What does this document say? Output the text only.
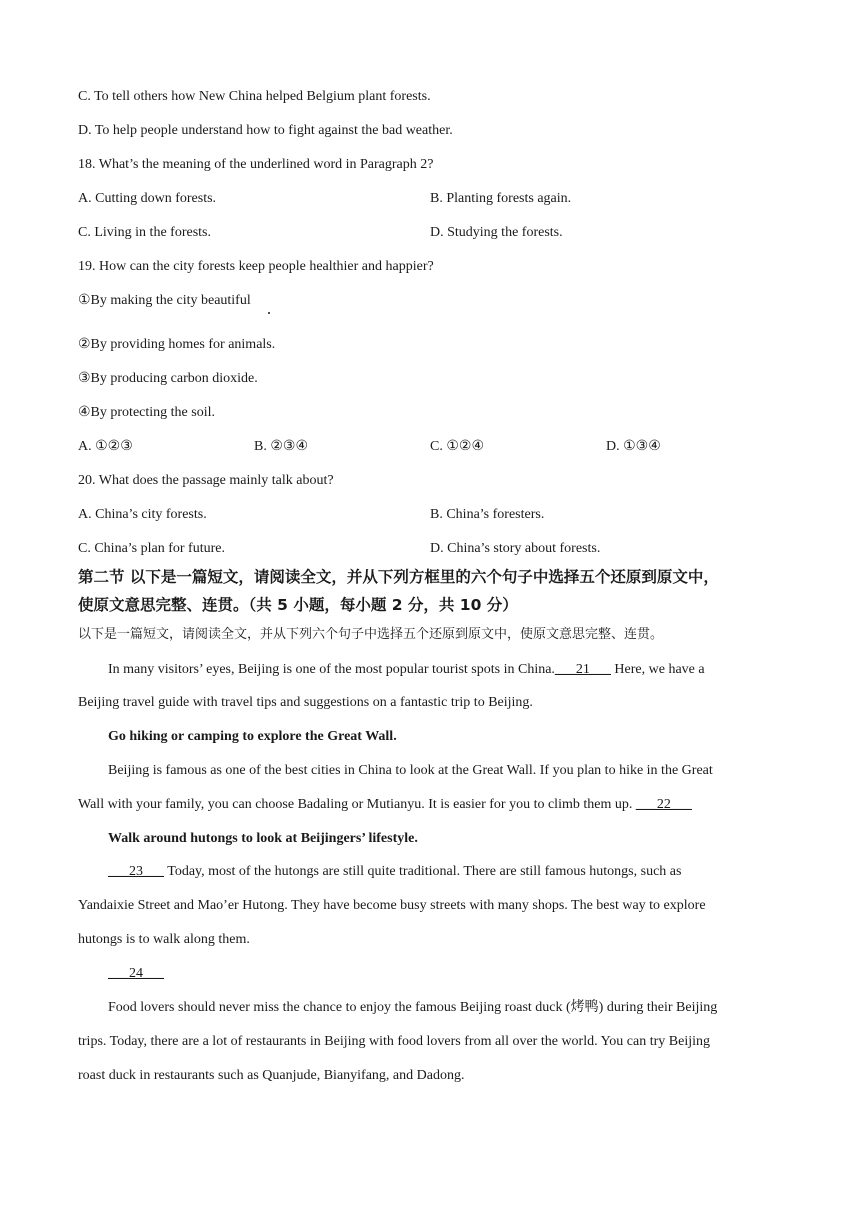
C. To tell others how New China helped Belgium plant forests.
D. To help people understand how to fight against the bad weather.
18. What’s the meaning of the underlined word in Paragraph 2?
A. Cutting down forests.	B. Planting forests again.
C. Living in the forests.	D. Studying the forests.
19. How can the city forests keep people healthier and happier?
①By making the city beautiful
②By providing homes for animals.
③By producing carbon dioxide.
④By protecting the soil.
A. ①②③	B. ②③④	C. ①②④	D. ①③④
20. What does the passage mainly talk about?
A. China’s city forests.	B. China’s foresters.
C. China’s plan for future.	D. China’s story about forests.
第二节 以下是一篇短文，请阅读全文，并从下列方框里的六个句子中选择五个还原到原文中，
使原文意思完整、连贯。（共 5 小题，每小题 2 分，共 10 分）
以下是一篇短文，请阅读全文，并从下列六个句子中选择五个还原到原文中，使原文意思完整、连贯。
In many visitors’ eyes, Beijing is one of the most popular tourist spots in China.___21___ Here, we have a
Beijing travel guide with travel tips and suggestions on a fantastic trip to Beijing.
Go hiking or camping to explore the Great Wall.
Beijing is famous as one of the best cities in China to look at the Great Wall. If you plan to hike in the Great
Wall with your family, you can choose Badaling or Mutianyu. It is easier for you to climb them up. ___22___
Walk around hutongs to look at Beijingers’ lifestyle.
___23___ Today, most of the hutongs are still quite traditional. There are still famous hutongs, such as
Yandaixie Street and Mao’er Hutong. They have become busy streets with many shops. The best way to explore
hutongs is to walk along them.
___24___
Food lovers should never miss the chance to enjoy the famous Beijing roast duck (烤鸭) during their Beijing
trips. Today, there are a lot of restaurants in Beijing with food lovers from all over the world. You can try Beijing
roast duck in restaurants such as Quanjude, Bianyifang, and Dadong.
